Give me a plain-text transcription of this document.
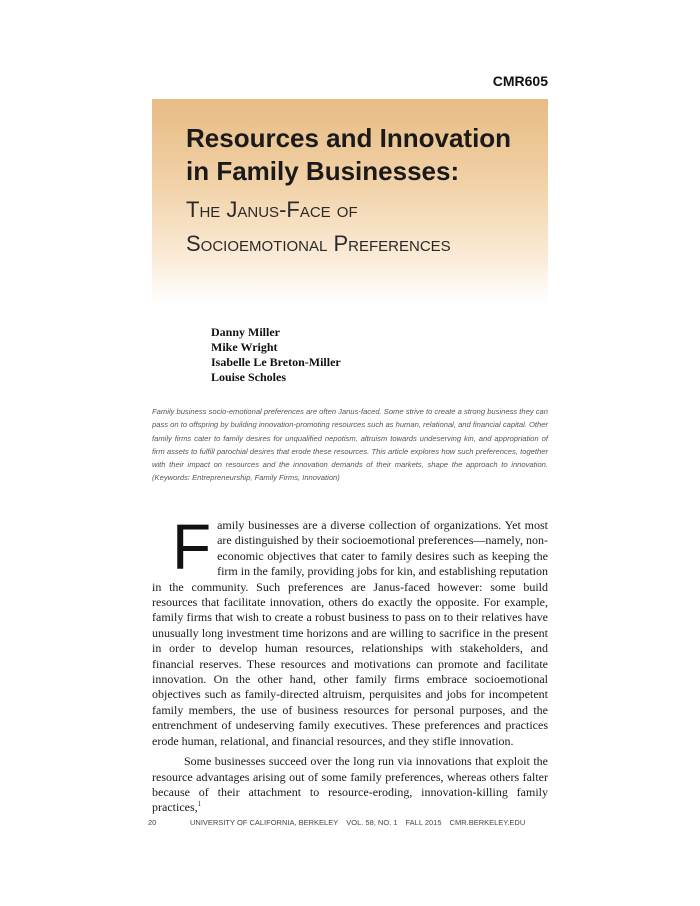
CMR605
Resources and Innovation
in Family Businesses:
The Janus-Face of
Socioemotional Preferences
Danny Miller
Mike Wright
Isabelle Le Breton-Miller
Louise Scholes

Family business socio-emotional preferences are often Janus-faced. Some strive to create a strong business they can pass on to offspring by building innovation-promoting resources such as human, relational, and financial capital. Other family firms cater to family desires for unqualified nepotism, altruism towards undeserving kin, and appropriation of firm assets to fulfill parochial desires that erode these resources. This article explores how such preferences, together with their impact on resources and the innovation demands of their markets, shape the approach to innovation. (Keywords: Entrepreneurship, Family Firms, Innovation)

Family businesses are a diverse collection of organizations. Yet most are distinguished by their socioemotional preferences—namely, non-economic objectives that cater to family desires such as keeping the firm in the family, providing jobs for kin, and establishing reputation in the community. Such preferences are Janus-faced however: some build resources that facilitate innovation, others do exactly the opposite. For example, family firms that wish to create a robust business to pass on to their relatives have unusually long investment time horizons and are willing to sacrifice in the present in order to develop human resources, relationships with stakeholders, and financial reserves. These resources and motivations can promote and facilitate innovation. On the other hand, other family firms embrace socioemotional objectives such as family-directed altruism, perquisites and jobs for incompetent family members, the use of business resources for personal purposes, and the entrenchment of undeserving family executives. These preferences and practices erode human, relational, and financial resources, and they stifle innovation.

Some businesses succeed over the long run via innovations that exploit the resource advantages arising out of some family preferences, whereas others falter because of their attachment to resource-eroding, innovation-killing family practices,$^1$

20	UNIVERSITY OF CALIFORNIA, BERKELEY VOL. 58, NO. 1 FALL 2015 CMR.BERKELEY.EDU
